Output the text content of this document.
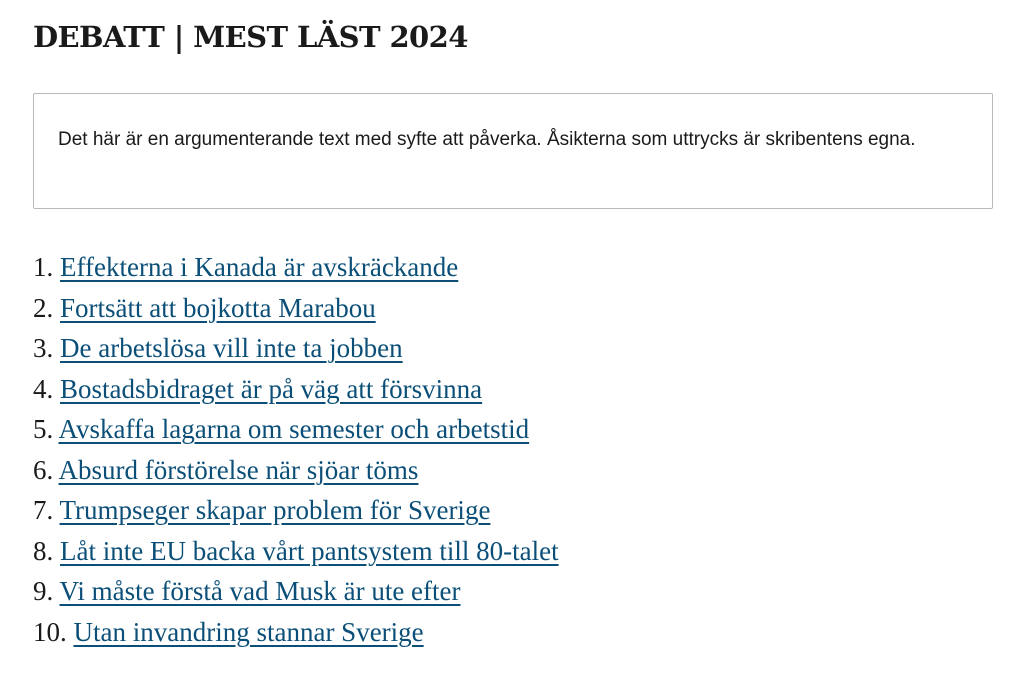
DEBATT | MEST LÄST 2024

Det här är en argumenterande text med syfte att påverka. Åsikterna som uttrycks är skribentens egna.

1. Effekterna i Kanada är avskräckande
2. Fortsätt att bojkotta Marabou
3. De arbetslösa vill inte ta jobben
4. Bostadsbidraget är på väg att försvinna
5. Avskaffa lagarna om semester och arbetstid
6. Absurd förstörelse när sjöar töms
7. Trumpseger skapar problem för Sverige
8. Låt inte EU backa vårt pantsystem till 80-talet
9. Vi måste förstå vad Musk är ute efter
10. Utan invandring stannar Sverige
